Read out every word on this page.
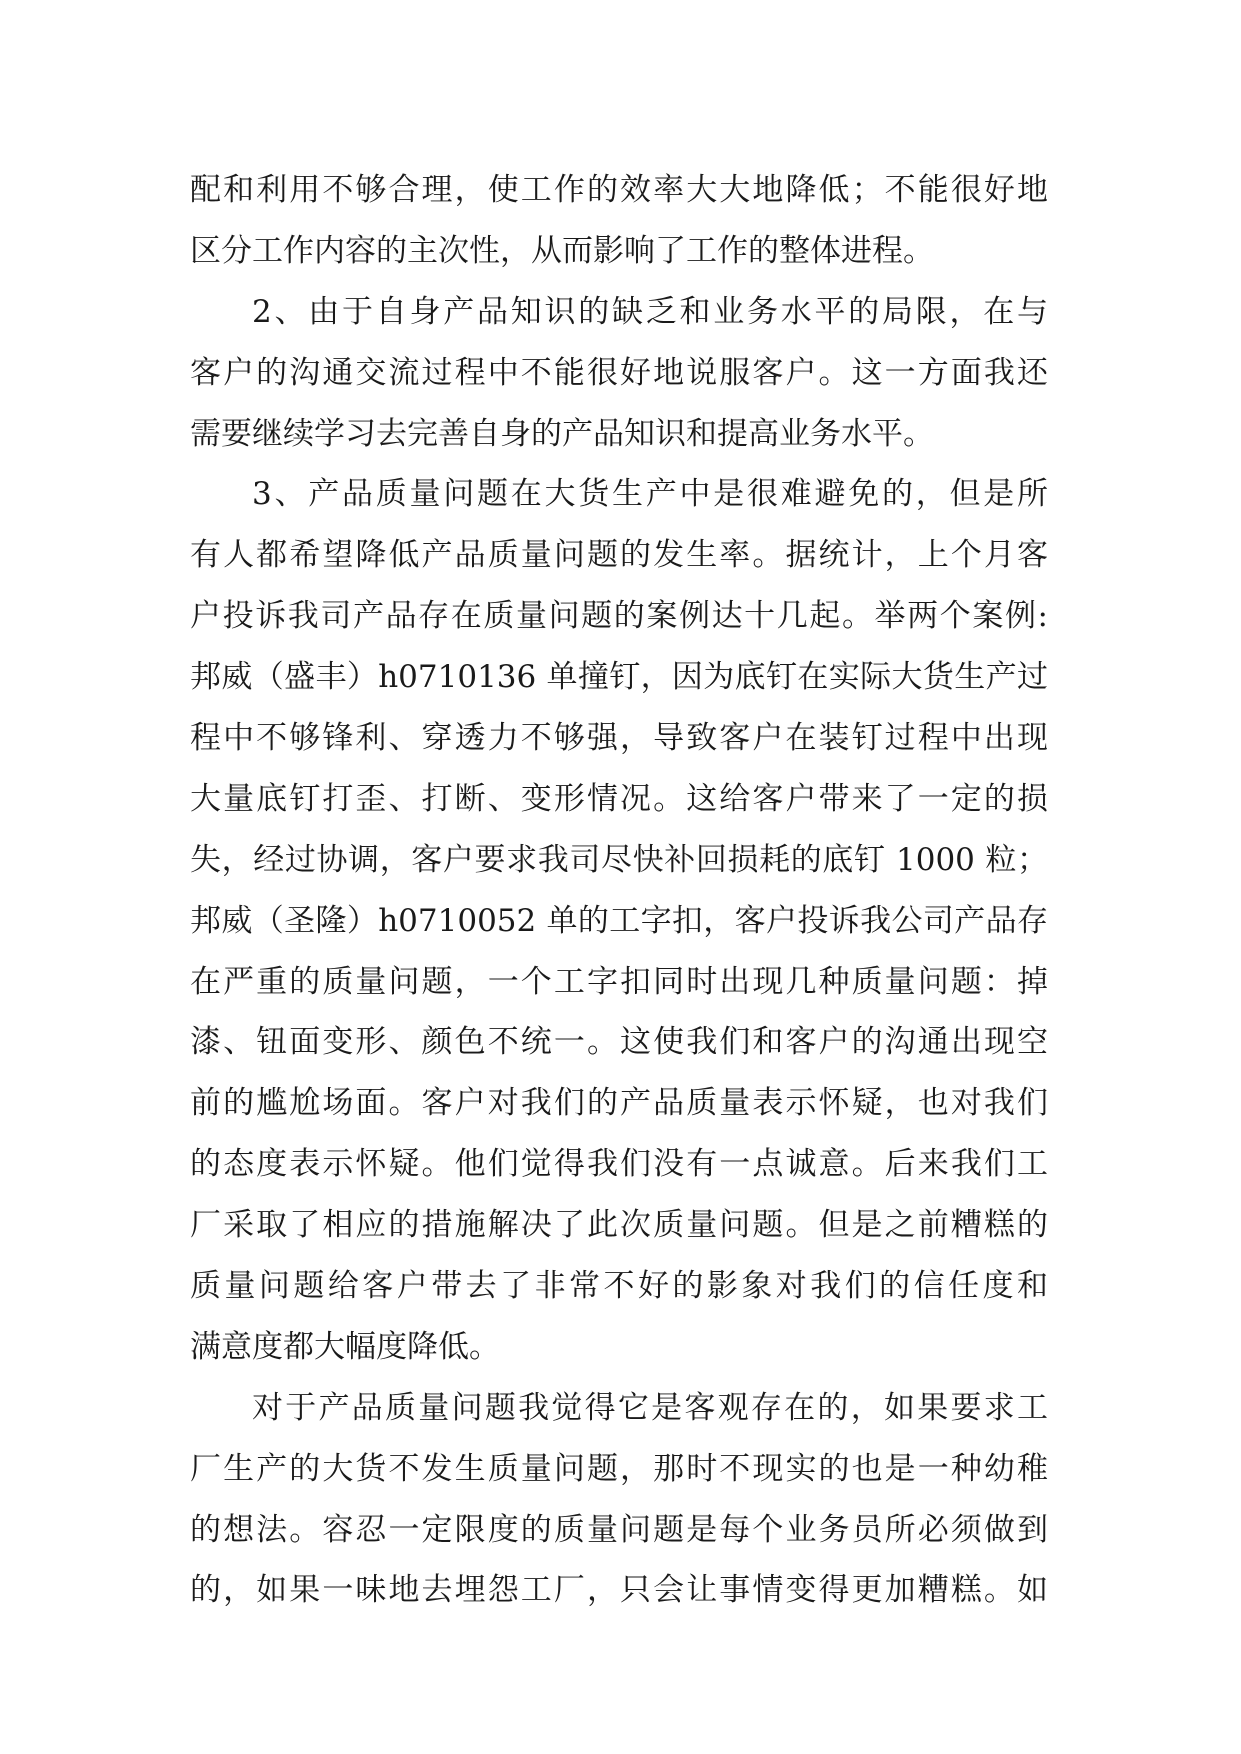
配和利用不够合理，使工作的效率大大地降低；不能很好地
区分工作内容的主次性，从而影响了工作的整体进程。
2、由于自身产品知识的缺乏和业务水平的局限，在与
客户的沟通交流过程中不能很好地说服客户。这一方面我还
需要继续学习去完善自身的产品知识和提高业务水平。
3、产品质量问题在大货生产中是很难避免的，但是所
有人都希望降低产品质量问题的发生率。据统计，上个月客
户投诉我司产品存在质量问题的案例达十几起。举两个案例:
邦威（盛丰）h0710136 单撞钉，因为底钉在实际大货生产过
程中不够锋利、穿透力不够强，导致客户在装钉过程中出现
大量底钉打歪、打断、变形情况。这给客户带来了一定的损
失，经过协调，客户要求我司尽快补回损耗的底钉 1000 粒；
邦威（圣隆）h0710052 单的工字扣，客户投诉我公司产品存
在严重的质量问题，一个工字扣同时出现几种质量问题：掉
漆、钮面变形、颜色不统一。这使我们和客户的沟通出现空
前的尴尬场面。客户对我们的产品质量表示怀疑，也对我们
的态度表示怀疑。他们觉得我们没有一点诚意。后来我们工
厂采取了相应的措施解决了此次质量问题。但是之前糟糕的
质量问题给客户带去了非常不好的影象对我们的信任度和
满意度都大幅度降低。
对于产品质量问题我觉得它是客观存在的，如果要求工
厂生产的大货不发生质量问题，那时不现实的也是一种幼稚
的想法。容忍一定限度的质量问题是每个业务员所必须做到
的，如果一味地去埋怨工厂，只会让事情变得更加糟糕。如
